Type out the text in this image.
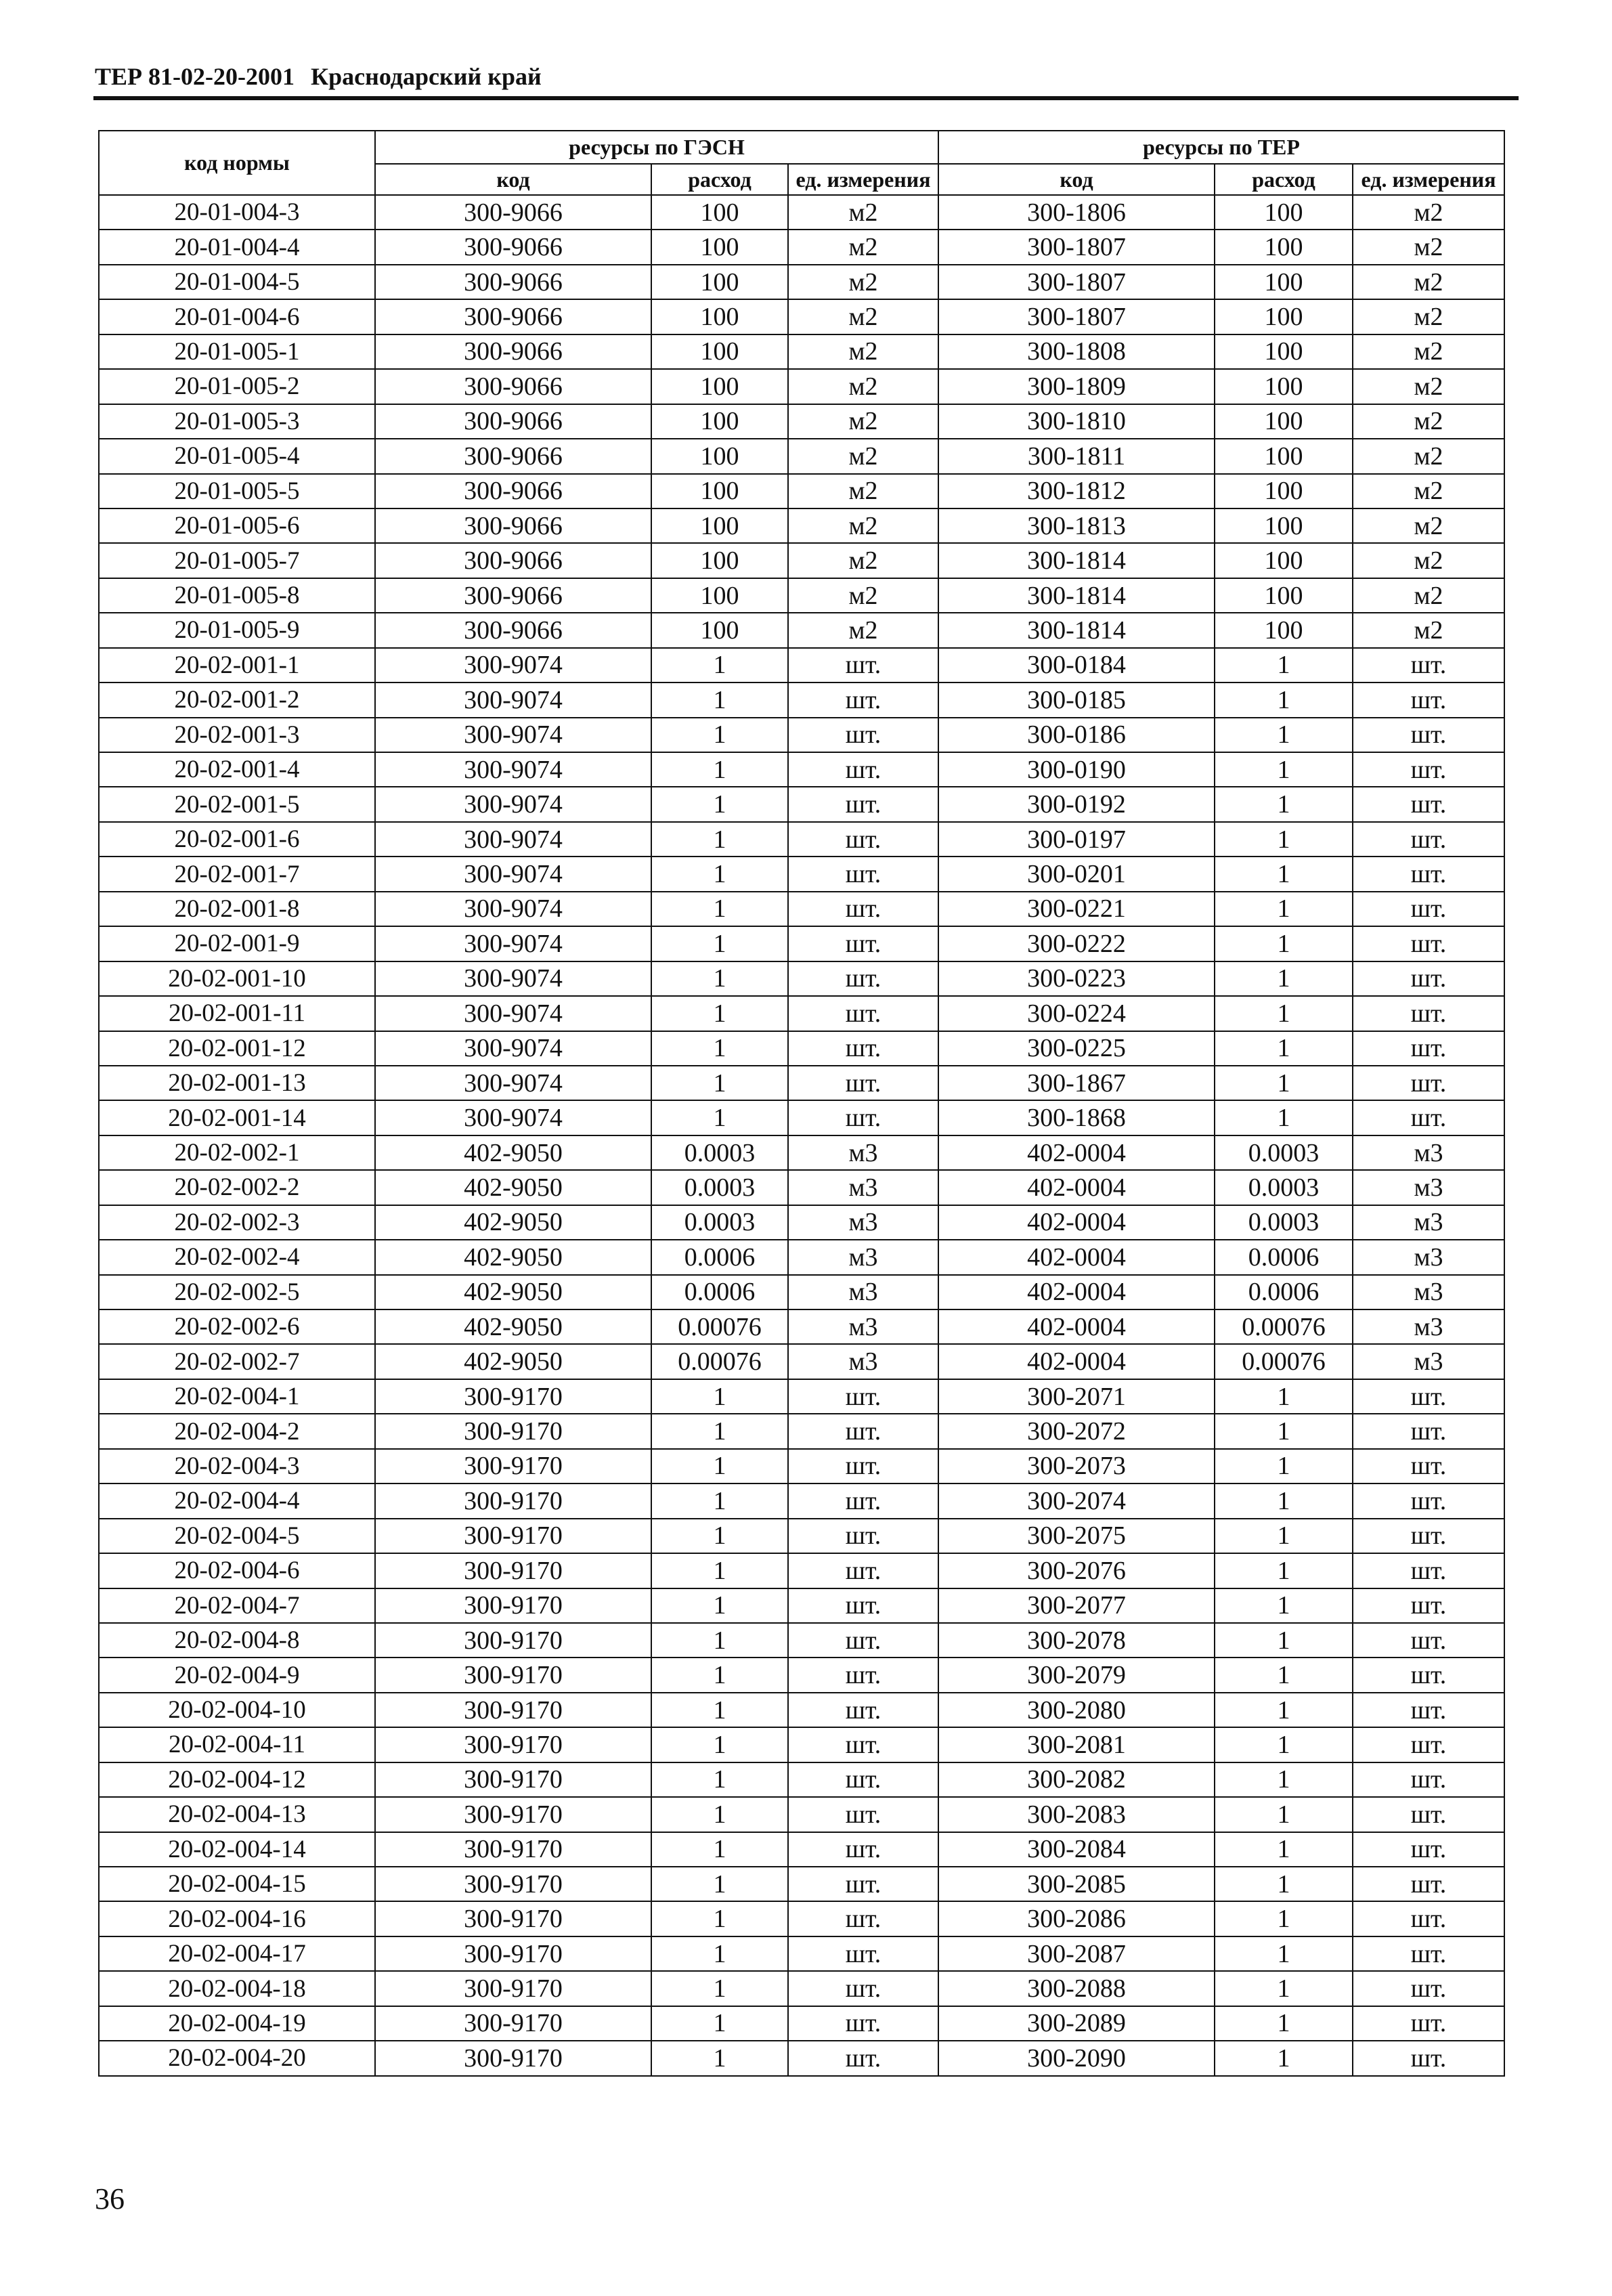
ТЕР 81-02-20-2001 Краснодарский край
код нормы	ресурсы по ГЭСН			ресурсы по ТЕР		
	код	расход	ед. измерения	код	расход	ед. измерения
20-01-004-3	300-9066	100	м2	300-1806	100	м2
20-01-004-4	300-9066	100	м2	300-1807	100	м2
20-01-004-5	300-9066	100	м2	300-1807	100	м2
20-01-004-6	300-9066	100	м2	300-1807	100	м2
20-01-005-1	300-9066	100	м2	300-1808	100	м2
20-01-005-2	300-9066	100	м2	300-1809	100	м2
20-01-005-3	300-9066	100	м2	300-1810	100	м2
20-01-005-4	300-9066	100	м2	300-1811	100	м2
20-01-005-5	300-9066	100	м2	300-1812	100	м2
20-01-005-6	300-9066	100	м2	300-1813	100	м2
20-01-005-7	300-9066	100	м2	300-1814	100	м2
20-01-005-8	300-9066	100	м2	300-1814	100	м2
20-01-005-9	300-9066	100	м2	300-1814	100	м2
20-02-001-1	300-9074	1	шт.	300-0184	1	шт.
20-02-001-2	300-9074	1	шт.	300-0185	1	шт.
20-02-001-3	300-9074	1	шт.	300-0186	1	шт.
20-02-001-4	300-9074	1	шт.	300-0190	1	шт.
20-02-001-5	300-9074	1	шт.	300-0192	1	шт.
20-02-001-6	300-9074	1	шт.	300-0197	1	шт.
20-02-001-7	300-9074	1	шт.	300-0201	1	шт.
20-02-001-8	300-9074	1	шт.	300-0221	1	шт.
20-02-001-9	300-9074	1	шт.	300-0222	1	шт.
20-02-001-10	300-9074	1	шт.	300-0223	1	шт.
20-02-001-11	300-9074	1	шт.	300-0224	1	шт.
20-02-001-12	300-9074	1	шт.	300-0225	1	шт.
20-02-001-13	300-9074	1	шт.	300-1867	1	шт.
20-02-001-14	300-9074	1	шт.	300-1868	1	шт.
20-02-002-1	402-9050	0.0003	м3	402-0004	0.0003	м3
20-02-002-2	402-9050	0.0003	м3	402-0004	0.0003	м3
20-02-002-3	402-9050	0.0003	м3	402-0004	0.0003	м3
20-02-002-4	402-9050	0.0006	м3	402-0004	0.0006	м3
20-02-002-5	402-9050	0.0006	м3	402-0004	0.0006	м3
20-02-002-6	402-9050	0.00076	м3	402-0004	0.00076	м3
20-02-002-7	402-9050	0.00076	м3	402-0004	0.00076	м3
20-02-004-1	300-9170	1	шт.	300-2071	1	шт.
20-02-004-2	300-9170	1	шт.	300-2072	1	шт.
20-02-004-3	300-9170	1	шт.	300-2073	1	шт.
20-02-004-4	300-9170	1	шт.	300-2074	1	шт.
20-02-004-5	300-9170	1	шт.	300-2075	1	шт.
20-02-004-6	300-9170	1	шт.	300-2076	1	шт.
20-02-004-7	300-9170	1	шт.	300-2077	1	шт.
20-02-004-8	300-9170	1	шт.	300-2078	1	шт.
20-02-004-9	300-9170	1	шт.	300-2079	1	шт.
20-02-004-10	300-9170	1	шт.	300-2080	1	шт.
20-02-004-11	300-9170	1	шт.	300-2081	1	шт.
20-02-004-12	300-9170	1	шт.	300-2082	1	шт.
20-02-004-13	300-9170	1	шт.	300-2083	1	шт.
20-02-004-14	300-9170	1	шт.	300-2084	1	шт.
20-02-004-15	300-9170	1	шт.	300-2085	1	шт.
20-02-004-16	300-9170	1	шт.	300-2086	1	шт.
20-02-004-17	300-9170	1	шт.	300-2087	1	шт.
20-02-004-18	300-9170	1	шт.	300-2088	1	шт.
20-02-004-19	300-9170	1	шт.	300-2089	1	шт.
20-02-004-20	300-9170	1	шт.	300-2090	1	шт.
36
